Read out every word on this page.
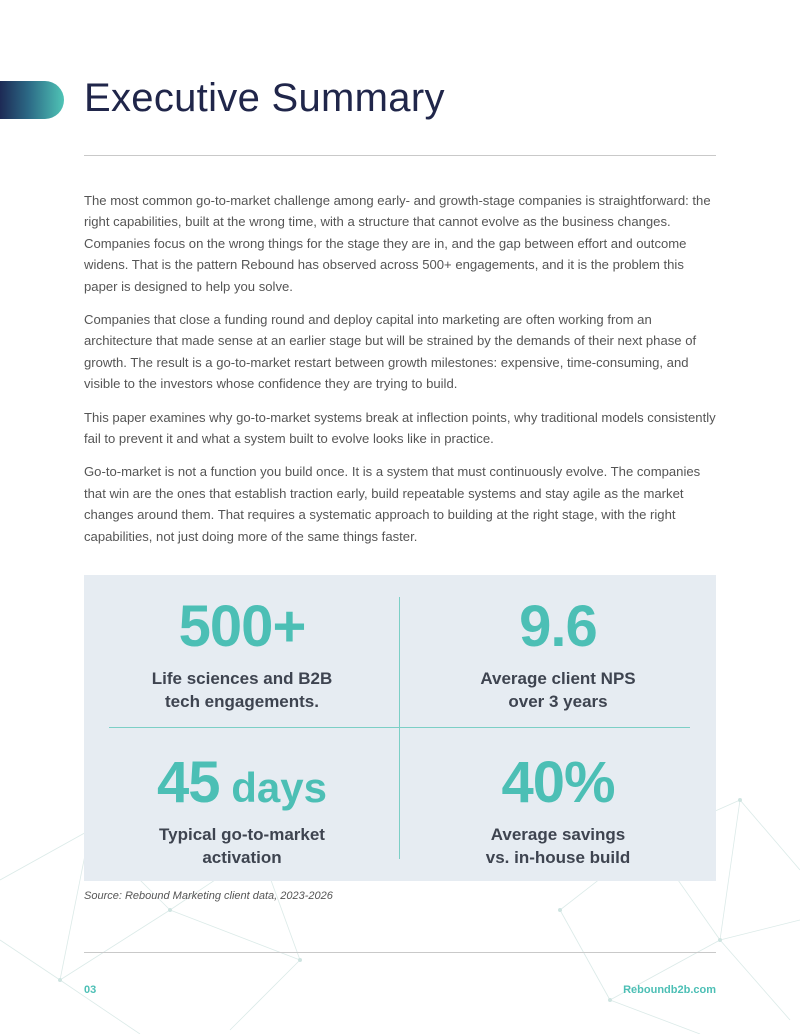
Executive Summary

The most common go-to-market challenge among early- and growth-stage companies is straightforward: the right capabilities, built at the wrong time, with a structure that cannot evolve as the business changes. Companies focus on the wrong things for the stage they are in, and the gap between effort and outcome widens. That is the pattern Rebound has observed across 500+ engagements, and it is the problem this paper is designed to help you solve.

Companies that close a funding round and deploy capital into marketing are often working from an architecture that made sense at an earlier stage but will be strained by the demands of their next phase of growth. The result is a go-to-market restart between growth milestones: expensive, time-consuming, and visible to the investors whose confidence they are trying to build.

This paper examines why go-to-market systems break at inflection points, why traditional models consistently fail to prevent it and what a system built to evolve looks like in practice.

Go-to-market is not a function you build once. It is a system that must continuously evolve. The companies that win are the ones that establish traction early, build repeatable systems and stay agile as the market changes around them. That requires a systematic approach to building at the right stage, with the right capabilities, not just doing more of the same things faster.

500+
Life sciences and B2B
tech engagements.
9.6
Average client NPS
over 3 years
45 days
Typical go-to-market
activation
40%
Average savings
vs. in-house build
Source: Rebound Marketing client data, 2023-2026
03	Reboundb2b.com
